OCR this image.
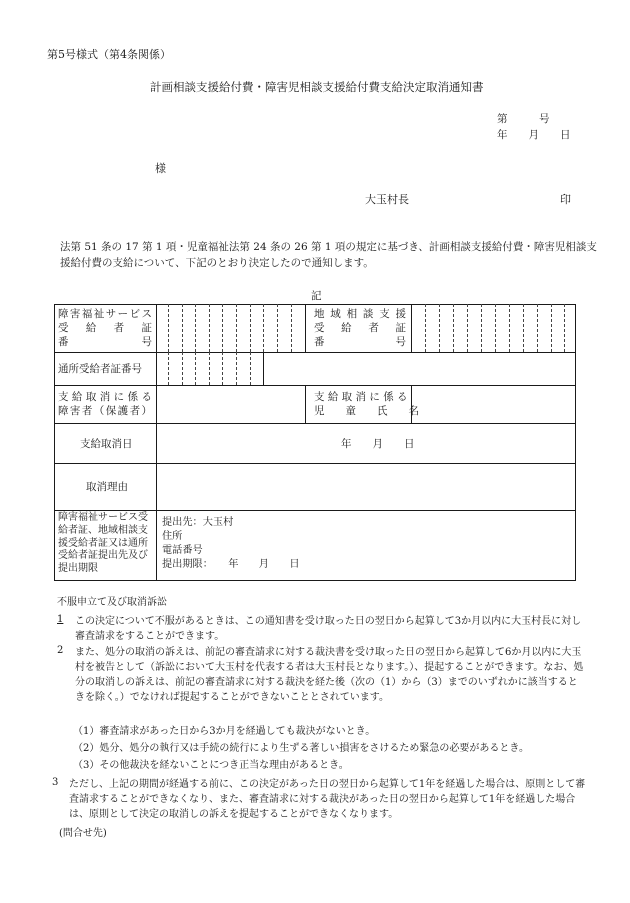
第5号様式（第4条関係）
計画相談支援給付費・障害児相談支援給付費支給決定取消通知書
第　　　号
年　　月　　日
様
大玉村長	印
法第 51 条の 17 第 1 項・児童福祉法第 24 条の 26 第 1 項の規定に基づき、計画相談支援給付費・障害児相談支援給付費の支給について、下記のとおり決定したので通知します。
記
障害福祉サービス
受　給　者　証
番　　　　　号
地 域 相 談 支 援
受　給　者　証
番　　　　　号
通所受給者証番号
支 給 取 消 に 係 る
障害者（保護者）
支 給 取 消 に 係 る
児　　童　　氏　　名
支給取消日	年　　月　　日
取消理由
障害福祉サービス受
給者証、地域相談支
援受給者証又は通所
受給者証提出先及び
提出期限
提出先：大玉村
住所
電話番号
提出期限：　　年　　月　　日
不服申立て及び取消訴訟
1 この決定について不服があるときは、この通知書を受け取った日の翌日から起算して3か月以内に大玉村長に対し審査請求をすることができます。
2 また、処分の取消の訴えは、前記の審査請求に対する裁決書を受け取った日の翌日から起算して6か月以内に大玉村を被告として（訴訟において大玉村を代表する者は大玉村長となります。）、提起することができます。なお、処分の取消しの訴えは、前記の審査請求に対する裁決を経た後（次の（1）から（3）までのいずれかに該当するときを除く。）でなければ提起することができないこととされています。
（1）審査請求があった日から3か月を経過しても裁決がないとき。
（2）処分、処分の執行又は手続の続行により生ずる著しい損害をさけるため緊急の必要があるとき。
（3）その他裁決を経ないことにつき正当な理由があるとき。
3 ただし、上記の期間が経過する前に、この決定があった日の翌日から起算して1年を経過した場合は、原則として審査請求することができなくなり、また、審査請求に対する裁決があった日の翌日から起算して1年を経過した場合は、原則として決定の取消しの訴えを提起することができなくなります。
(問合せ先)
